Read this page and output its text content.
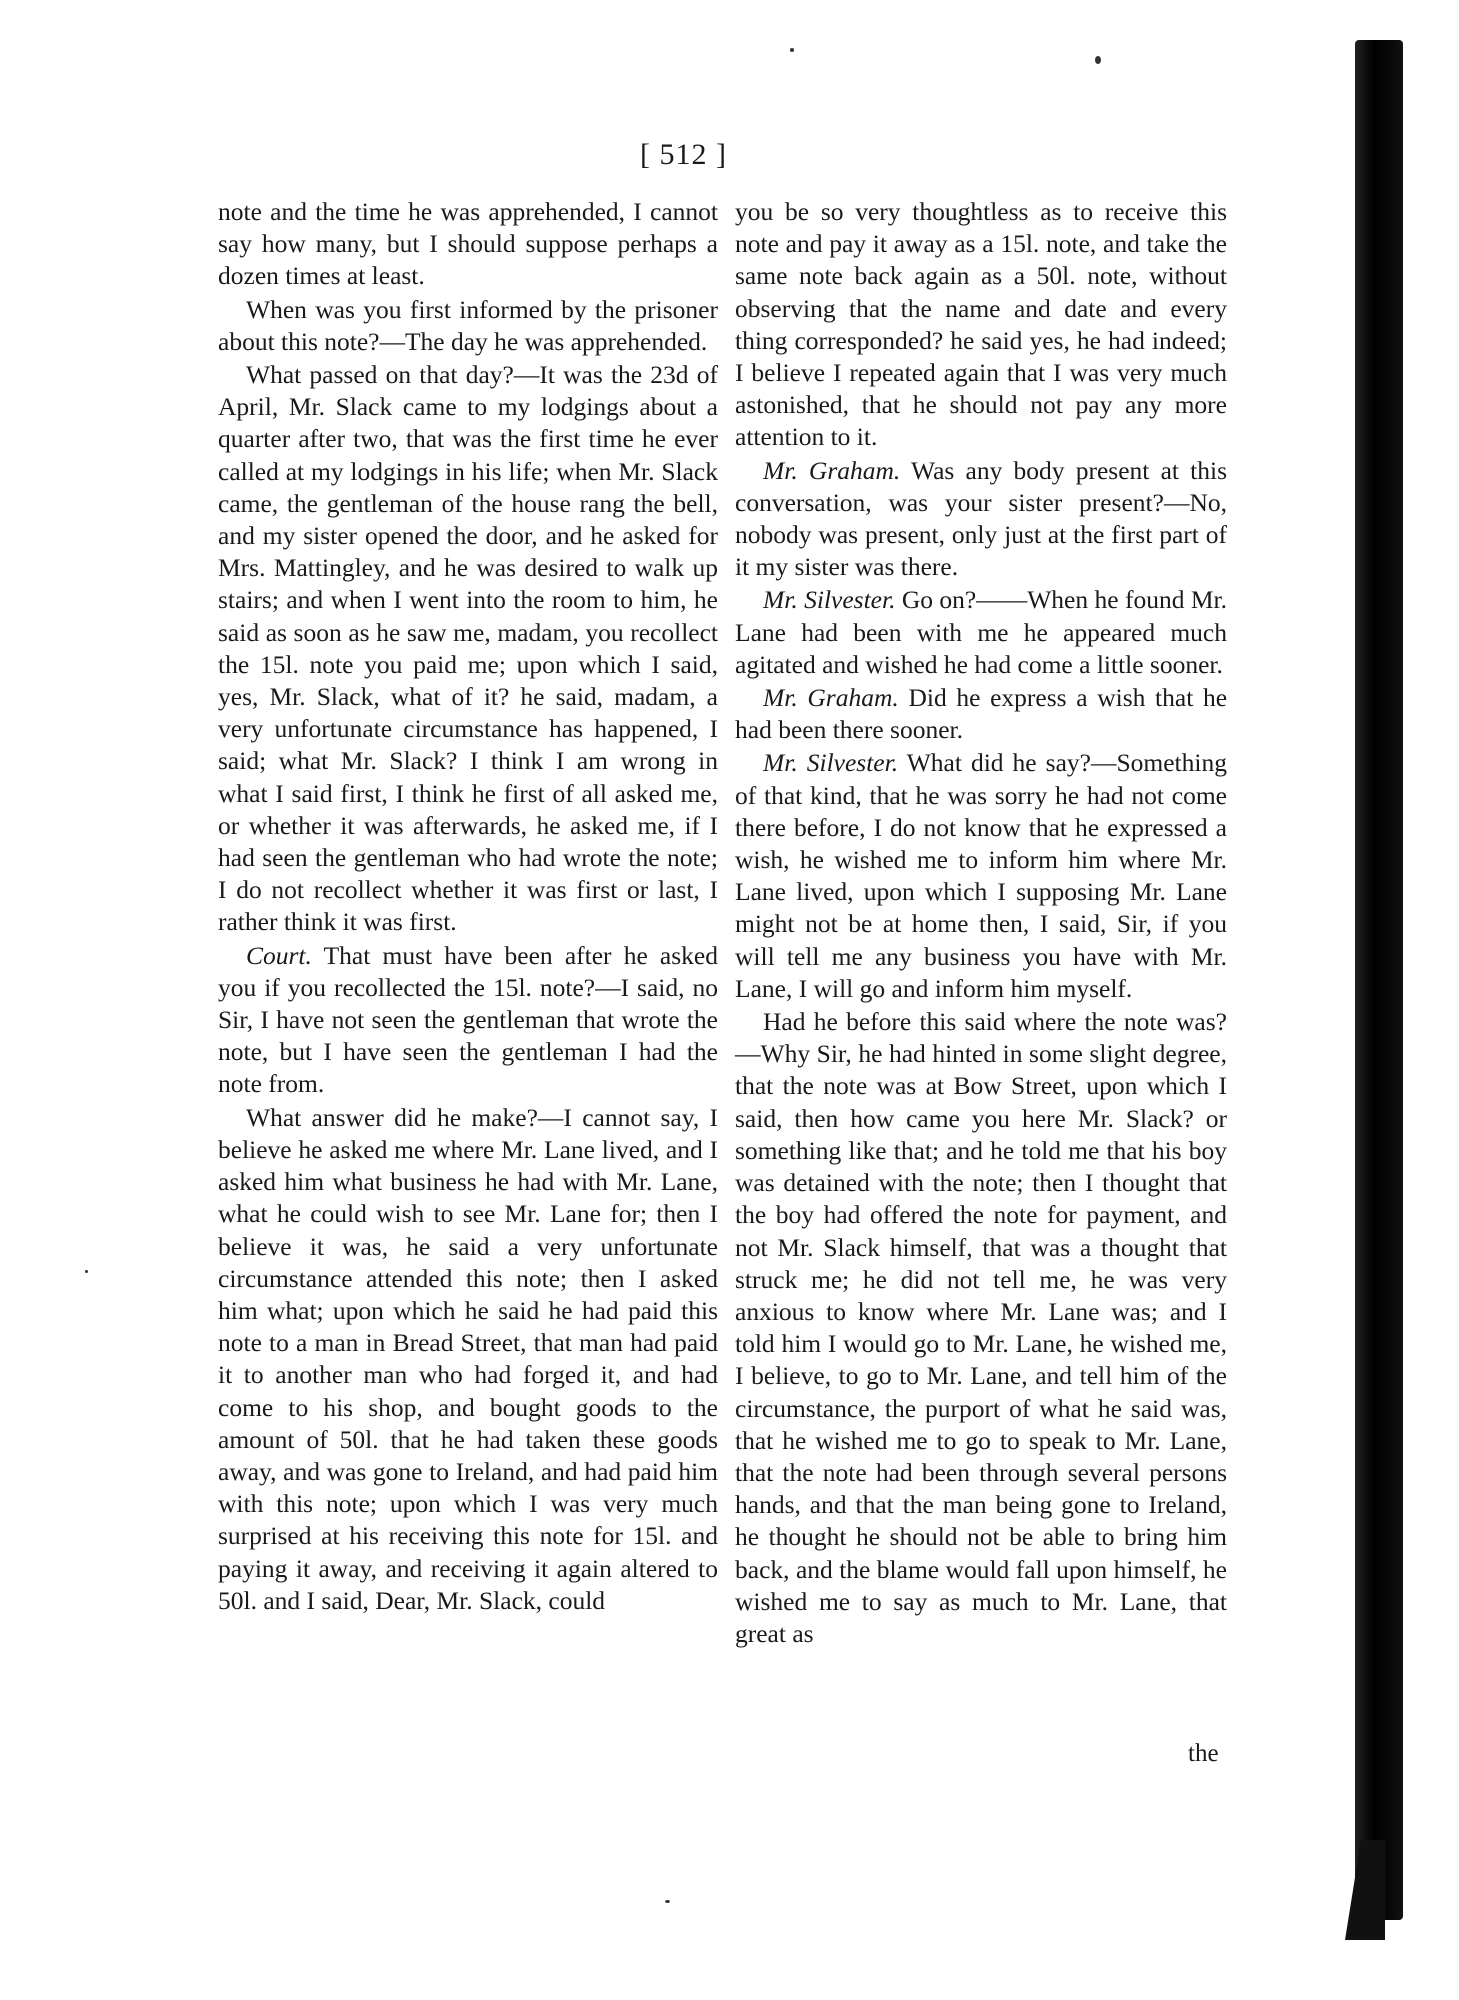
[ 512 ]

note and the time he was apprehended, I cannot say how many, but I should suppose perhaps a dozen times at least.

When was you first informed by the prisoner about this note?—The day he was apprehended.

What passed on that day?—It was the 23d of April, Mr. Slack came to my lodgings about a quarter after two, that was the first time he ever called at my lodgings in his life; when Mr. Slack came, the gentleman of the house rang the bell, and my sister opened the door, and he asked for Mrs. Mattingley, and he was desired to walk up stairs; and when I went into the room to him, he said as soon as he saw me, madam, you recollect the 15l. note you paid me; upon which I said, yes, Mr. Slack, what of it? he said, madam, a very unfortunate circumstance has happened, I said; what Mr. Slack? I think I am wrong in what I said first, I think he first of all asked me, or whether it was afterwards, he asked me, if I had seen the gentleman who had wrote the note; I do not recollect whether it was first or last, I rather think it was first.

Court. That must have been after he asked you if you recollected the 15l. note?—I said, no Sir, I have not seen the gentleman that wrote the note, but I have seen the gentleman I had the note from.

What answer did he make?—I cannot say, I believe he asked me where Mr. Lane lived, and I asked him what business he had with Mr. Lane, what he could wish to see Mr. Lane for; then I believe it was, he said a very unfortunate circumstance attended this note; then I asked him what; upon which he said he had paid this note to a man in Bread Street, that man had paid it to another man who had forged it, and had come to his shop, and bought goods to the amount of 50l. that he had taken these goods away, and was gone to Ireland, and had paid him with this note; upon which I was very much surprised at his receiving this note for 15l. and paying it away, and receiving it again altered to 50l. and I said, Dear, Mr. Slack, could

you be so very thoughtless as to receive this note and pay it away as a 15l. note, and take the same note back again as a 50l. note, without observing that the name and date and every thing corresponded? he said yes, he had indeed; I believe I repeated again that I was very much astonished, that he should not pay any more attention to it.

Mr. Graham. Was any body present at this conversation, was your sister present?—No, nobody was present, only just at the first part of it my sister was there.

Mr. Silvester. Go on?——When he found Mr. Lane had been with me he appeared much agitated and wished he had come a little sooner.

Mr. Graham. Did he express a wish that he had been there sooner.

Mr. Silvester. What did he say?—Something of that kind, that he was sorry he had not come there before, I do not know that he expressed a wish, he wished me to inform him where Mr. Lane lived, upon which I supposing Mr. Lane might not be at home then, I said, Sir, if you will tell me any business you have with Mr. Lane, I will go and inform him myself.

Had he before this said where the note was?—Why Sir, he had hinted in some slight degree, that the note was at Bow Street, upon which I said, then how came you here Mr. Slack? or something like that; and he told me that his boy was detained with the note; then I thought that the boy had offered the note for payment, and not Mr. Slack himself, that was a thought that struck me; he did not tell me, he was very anxious to know where Mr. Lane was; and I told him I would go to Mr. Lane, he wished me, I believe, to go to Mr. Lane, and tell him of the circumstance, the purport of what he said was, that he wished me to go to speak to Mr. Lane, that the note had been through several persons hands, and that the man being gone to Ireland, he thought he should not be able to bring him back, and the blame would fall upon himself, he wished me to say as much to Mr. Lane, that great as

the
